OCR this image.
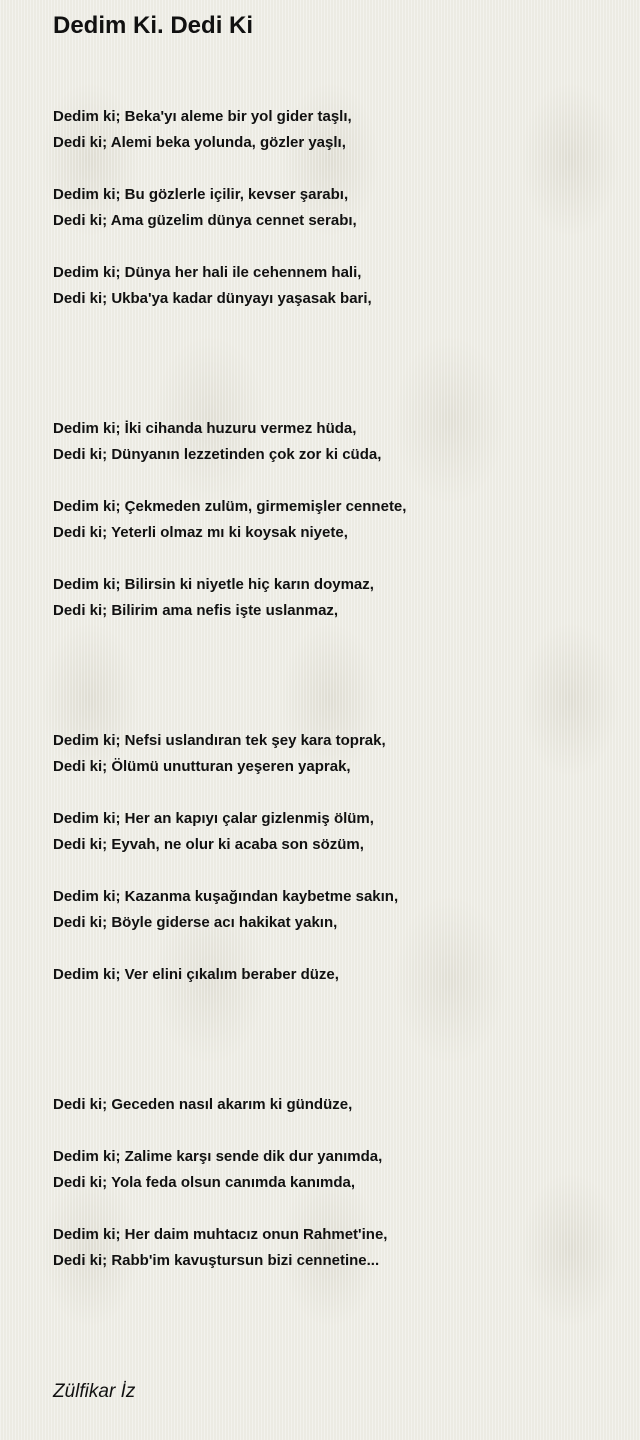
Dedim Ki. Dedi Ki
Dedim ki; Beka'yı aleme bir yol gider taşlı,
Dedi ki; Alemi beka yolunda, gözler yaşlı,
Dedim ki; Bu gözlerle içilir, kevser şarabı,
Dedi ki; Ama güzelim dünya cennet serabı,
Dedim ki; Dünya her hali ile cehennem hali,
Dedi ki; Ukba'ya kadar dünyayı yaşasak bari,
Dedim ki; İki cihanda huzuru vermez hüda,
Dedi ki; Dünyanın lezzetinden çok zor ki cüda,
Dedim ki; Çekmeden zulüm, girmemişler cennete,
Dedi ki; Yeterli olmaz mı ki koysak niyete,
Dedim ki; Bilirsin ki niyetle hiç karın doymaz,
Dedi ki; Bilirim ama nefis işte uslanmaz,
Dedim ki; Nefsi uslandıran tek şey kara toprak,
Dedi ki; Ölümü unutturan yeşeren yaprak,
Dedim ki; Her an kapıyı çalar gizlenmiş ölüm,
Dedi ki; Eyvah, ne olur ki acaba son sözüm,
Dedim ki; Kazanma kuşağından kaybetme sakın,
Dedi ki; Böyle giderse acı hakikat yakın,
Dedim ki; Ver elini çıkalım beraber düze,
Dedi ki; Geceden nasıl akarım ki gündüze,
Dedim ki; Zalime karşı sende dik dur yanımda,
Dedi ki; Yola feda olsun canımda kanımda,
Dedim ki; Her daim muhtacız onun Rahmet'ine,
Dedi ki; Rabb'im kavuştursun bizi cennetine...
Zülfikar İz
